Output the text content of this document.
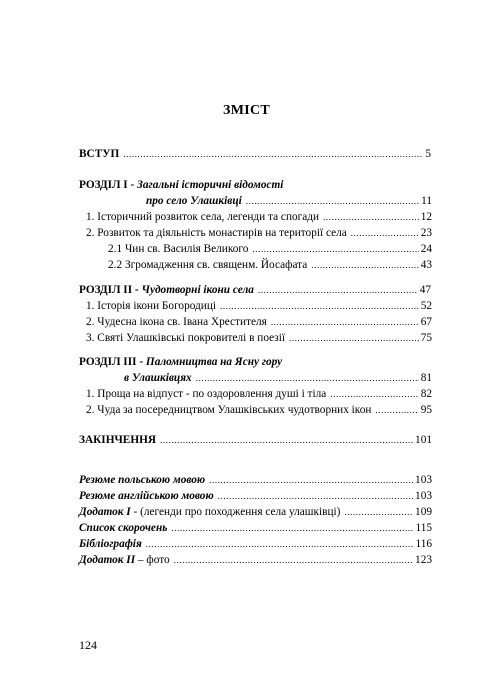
ЗМІСТ
ВСТУП .....	5
РОЗДІЛ I - Загальні історичні відомості
про село Улашківці .....	11
1. Історичний розвиток села, легенди та спогади .....	12
2. Розвиток та діяльність монастирів на території села .....	23
2.1 Чин св. Василія Великого .....	24
2.2 Згромадження св. священм. Йосафата .....	43
РОЗДІЛ II - Чудотворні ікони села .....	47
1. Історія ікони Богородиці .....	52
2. Чудесна ікона св. Івана Хрестителя .....	67
3. Святі Улашківські покровителі в поезії .....	75
РОЗДІЛ III - Паломництва на Ясну гору
в Улашківцях .....	81
1. Проща на відпуст - по оздоровлення душі і тіла .....	82
2. Чуда за посередництвом Улашківських чудотворних ікон .....	95
ЗАКІНЧЕННЯ .....	101
Резюме польською мовою .....	103
Резюме англійською мовою .....	103
Додаток I - (легенди про походження села улашківці) .....	109
Список скорочень .....	115
Бібліографія .....	116
Додаток II – фото .....	123
124
